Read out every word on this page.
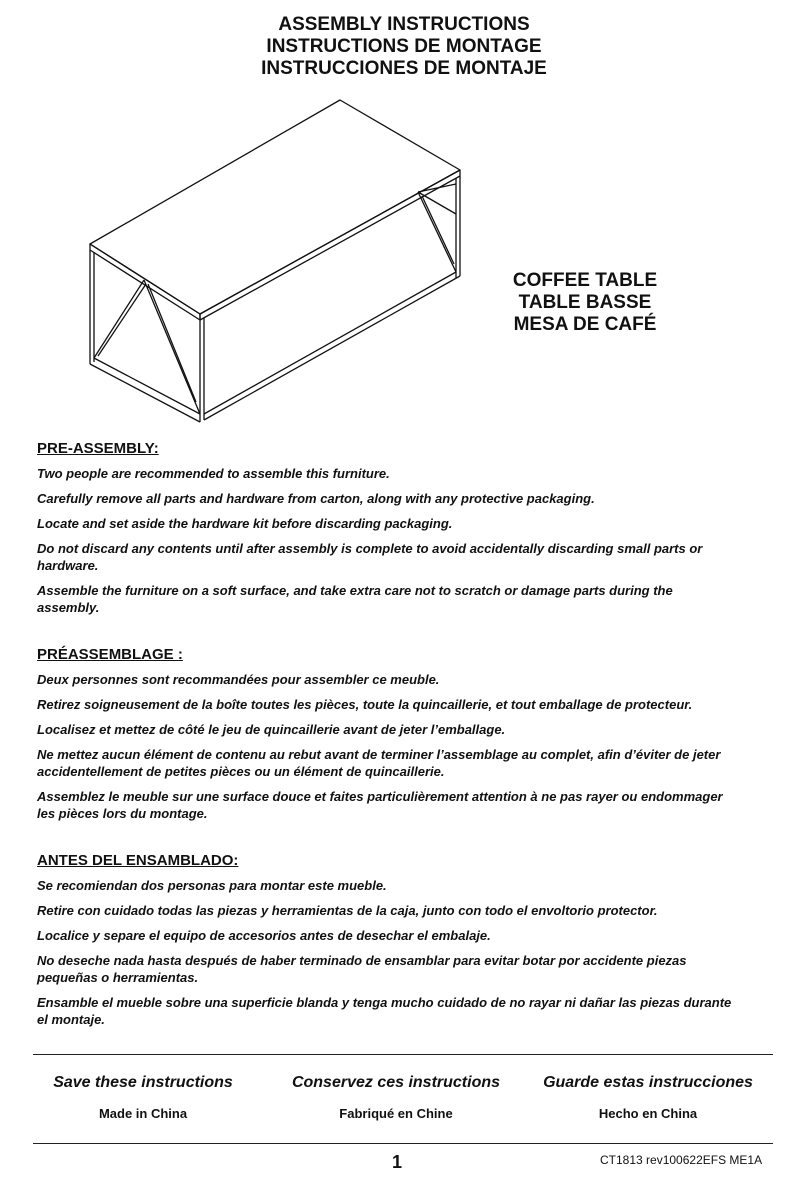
ASSEMBLY INSTRUCTIONS
INSTRUCTIONS DE MONTAGE
INSTRUCCIONES DE MONTAJE
COFFEE TABLE
TABLE BASSE
MESA DE CAFÉ
PRE-ASSEMBLY:

Two people are recommended to assemble this furniture.

Carefully remove all parts and hardware from carton, along with any protective packaging.

Locate and set aside the hardware kit before discarding packaging.

Do not discard any contents until after assembly is complete to avoid accidentally discarding small parts or hardware.

Assemble the furniture on a soft surface, and take extra care not to scratch or damage parts during the assembly.

PRÉASSEMBLAGE :

Deux personnes sont recommandées pour assembler ce meuble.

Retirez soigneusement de la boîte toutes les pièces, toute la quincaillerie, et tout emballage de protecteur.

Localisez et mettez de côté le jeu de quincaillerie avant de jeter l’emballage.

Ne mettez aucun élément de contenu au rebut avant de terminer l’assemblage au complet, afin d’éviter de jeter accidentellement de petites pièces ou un élément de quincaillerie.

Assemblez le meuble sur une surface douce et faites particulièrement attention à ne pas rayer ou endommager les pièces lors du montage.

ANTES DEL ENSAMBLADO:

Se recomiendan dos personas para montar este mueble.

Retire con cuidado todas las piezas y herramientas de la caja, junto con todo el envoltorio protector.

Localice y separe el equipo de accesorios antes de desechar el embalaje.

No deseche nada hasta después de haber terminado de ensamblar para evitar botar por accidente piezas pequeñas o herramientas.

Ensamble el mueble sobre una superficie blanda y tenga mucho cuidado de no rayar ni dañar las piezas durante el montaje.

Save these instructions	Conservez ces instructions	Guarde estas instrucciones
Made in China	Fabriqué en Chine	Hecho en China
1	CT1813 rev100622EFS ME1A
